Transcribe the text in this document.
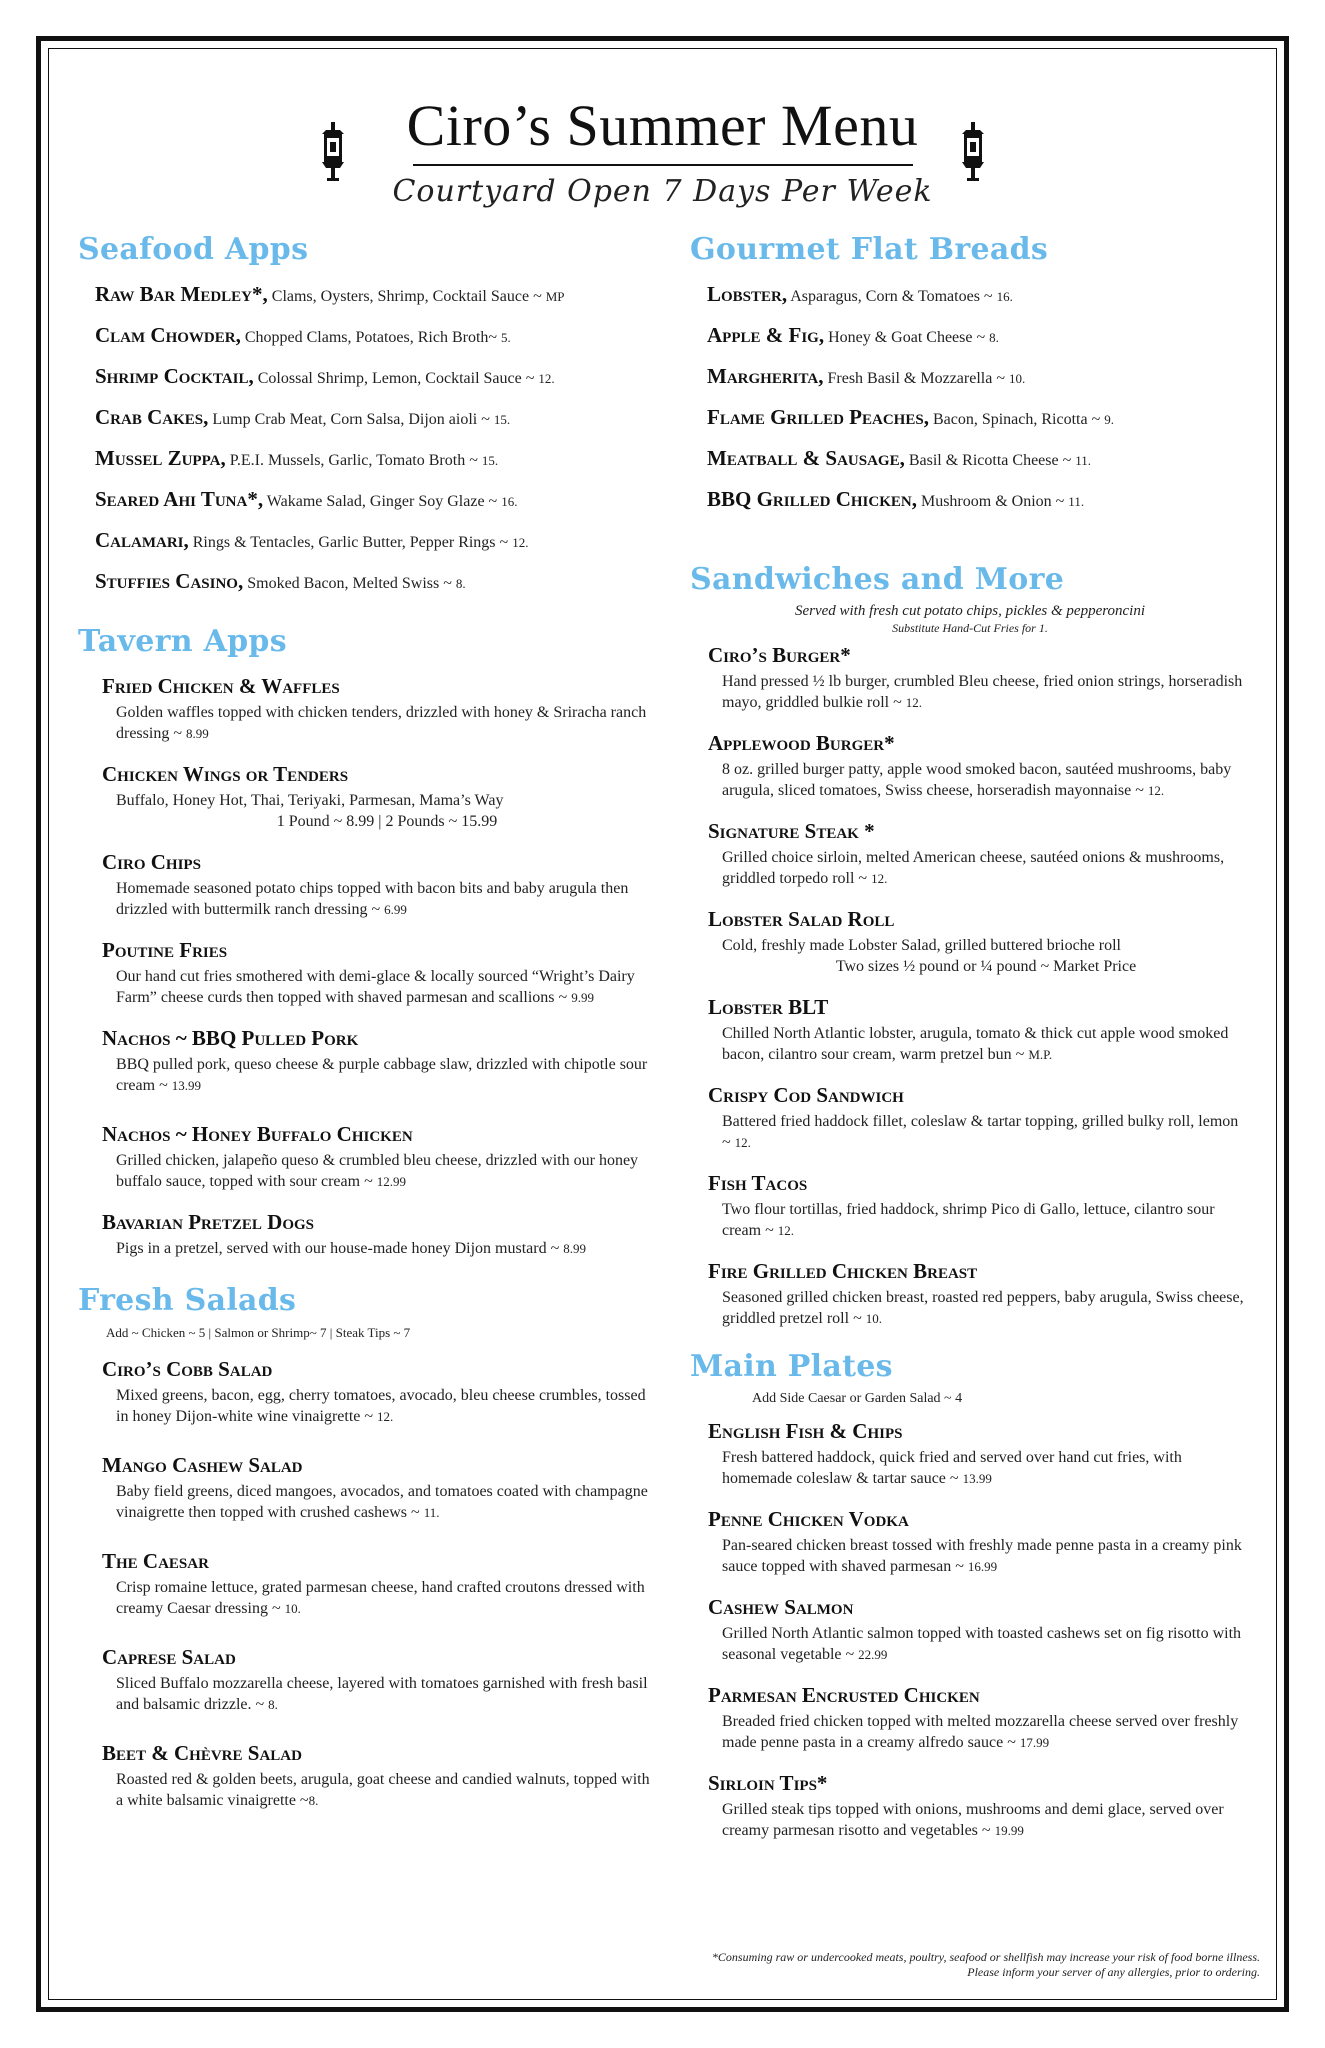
Ciro’s Summer Menu
Courtyard Open 7 Days Per Week
Seafood Apps
Raw Bar Medley*, Clams, Oysters, Shrimp, Cocktail Sauce ~ MP
Clam Chowder, Chopped Clams, Potatoes, Rich Broth~ 5.
Shrimp Cocktail, Colossal Shrimp, Lemon, Cocktail Sauce ~ 12.
Crab Cakes, Lump Crab Meat, Corn Salsa, Dijon aioli ~ 15.
Mussel Zuppa, P.E.I. Mussels, Garlic, Tomato Broth ~ 15.
Seared Ahi Tuna*, Wakame Salad, Ginger Soy Glaze ~ 16.
Calamari, Rings & Tentacles, Garlic Butter, Pepper Rings ~ 12.
Stuffies Casino, Smoked Bacon, Melted Swiss ~ 8.
Tavern Apps
Fried Chicken & Waffles
Golden waffles topped with chicken tenders, drizzled with honey & Sriracha ranch dressing ~ 8.99
Chicken Wings or Tenders
Buffalo, Honey Hot, Thai, Teriyaki, Parmesan, Mama’s Way
1 Pound ~ 8.99 | 2 Pounds ~ 15.99
Ciro Chips
Homemade seasoned potato chips topped with bacon bits and baby arugula then drizzled with buttermilk ranch dressing ~ 6.99
Poutine Fries
Our hand cut fries smothered with demi-glace & locally sourced “Wright’s Dairy Farm” cheese curds then topped with shaved parmesan and scallions ~ 9.99
Nachos ~ BBQ Pulled Pork
BBQ pulled pork, queso cheese & purple cabbage slaw, drizzled with chipotle sour cream ~ 13.99
Nachos ~ Honey Buffalo Chicken
Grilled chicken, jalapeño queso & crumbled bleu cheese, drizzled with our honey buffalo sauce, topped with sour cream ~ 12.99
Bavarian Pretzel Dogs
Pigs in a pretzel, served with our house-made honey Dijon mustard ~ 8.99
Fresh Salads
Add ~ Chicken ~ 5 | Salmon or Shrimp~ 7 | Steak Tips ~ 7
Ciro’s Cobb Salad
Mixed greens, bacon, egg, cherry tomatoes, avocado, bleu cheese crumbles, tossed in honey Dijon-white wine vinaigrette ~ 12.
Mango Cashew Salad
Baby field greens, diced mangoes, avocados, and tomatoes coated with champagne vinaigrette then topped with crushed cashews ~ 11.
The Caesar
Crisp romaine lettuce, grated parmesan cheese, hand crafted croutons dressed with creamy Caesar dressing ~ 10.
Caprese Salad
Sliced Buffalo mozzarella cheese, layered with tomatoes garnished with fresh basil and balsamic drizzle. ~ 8.
Beet & Chèvre Salad
Roasted red & golden beets, arugula, goat cheese and candied walnuts, topped with a white balsamic vinaigrette ~8.
Gourmet Flat Breads
Lobster, Asparagus, Corn & Tomatoes ~ 16.
Apple & Fig, Honey & Goat Cheese ~ 8.
Margherita, Fresh Basil & Mozzarella ~ 10.
Flame Grilled Peaches, Bacon, Spinach, Ricotta ~ 9.
Meatball & Sausage, Basil & Ricotta Cheese ~ 11.
BBQ Grilled Chicken, Mushroom & Onion ~ 11.
Sandwiches and More
Served with fresh cut potato chips, pickles & pepperoncini
Substitute Hand-Cut Fries for 1.
Ciro’s Burger*
Hand pressed ½ lb burger, crumbled Bleu cheese, fried onion strings, horseradish mayo, griddled bulkie roll ~ 12.
Applewood Burger*
8 oz. grilled burger patty, apple wood smoked bacon, sautéed mushrooms, baby arugula, sliced tomatoes, Swiss cheese, horseradish mayonnaise ~ 12.
Signature Steak *
Grilled choice sirloin, melted American cheese, sautéed onions & mushrooms, griddled torpedo roll ~ 12.
Lobster Salad Roll
Cold, freshly made Lobster Salad, grilled buttered brioche roll
Two sizes ½ pound or ¼ pound ~ Market Price
Lobster BLT
Chilled North Atlantic lobster, arugula, tomato & thick cut apple wood smoked bacon, cilantro sour cream, warm pretzel bun ~ M.P.
Crispy Cod Sandwich
Battered fried haddock fillet, coleslaw & tartar topping, grilled bulky roll, lemon ~ 12.
Fish Tacos
Two flour tortillas, fried haddock, shrimp Pico di Gallo, lettuce, cilantro sour cream ~ 12.
Fire Grilled Chicken Breast
Seasoned grilled chicken breast, roasted red peppers, baby arugula, Swiss cheese, griddled pretzel roll ~ 10.
Main Plates
Add Side Caesar or Garden Salad ~ 4
English Fish & Chips
Fresh battered haddock, quick fried and served over hand cut fries, with homemade coleslaw & tartar sauce ~ 13.99
Penne Chicken Vodka
Pan-seared chicken breast tossed with freshly made penne pasta in a creamy pink sauce topped with shaved parmesan ~ 16.99
Cashew Salmon
Grilled North Atlantic salmon topped with toasted cashews set on fig risotto with seasonal vegetable ~ 22.99
Parmesan Encrusted Chicken
Breaded fried chicken topped with melted mozzarella cheese served over freshly made penne pasta in a creamy alfredo sauce ~ 17.99
Sirloin Tips*
Grilled steak tips topped with onions, mushrooms and demi glace, served over creamy parmesan risotto and vegetables ~ 19.99
*Consuming raw or undercooked meats, poultry, seafood or shellfish may increase your risk of food borne illness. Please inform your server of any allergies, prior to ordering.
